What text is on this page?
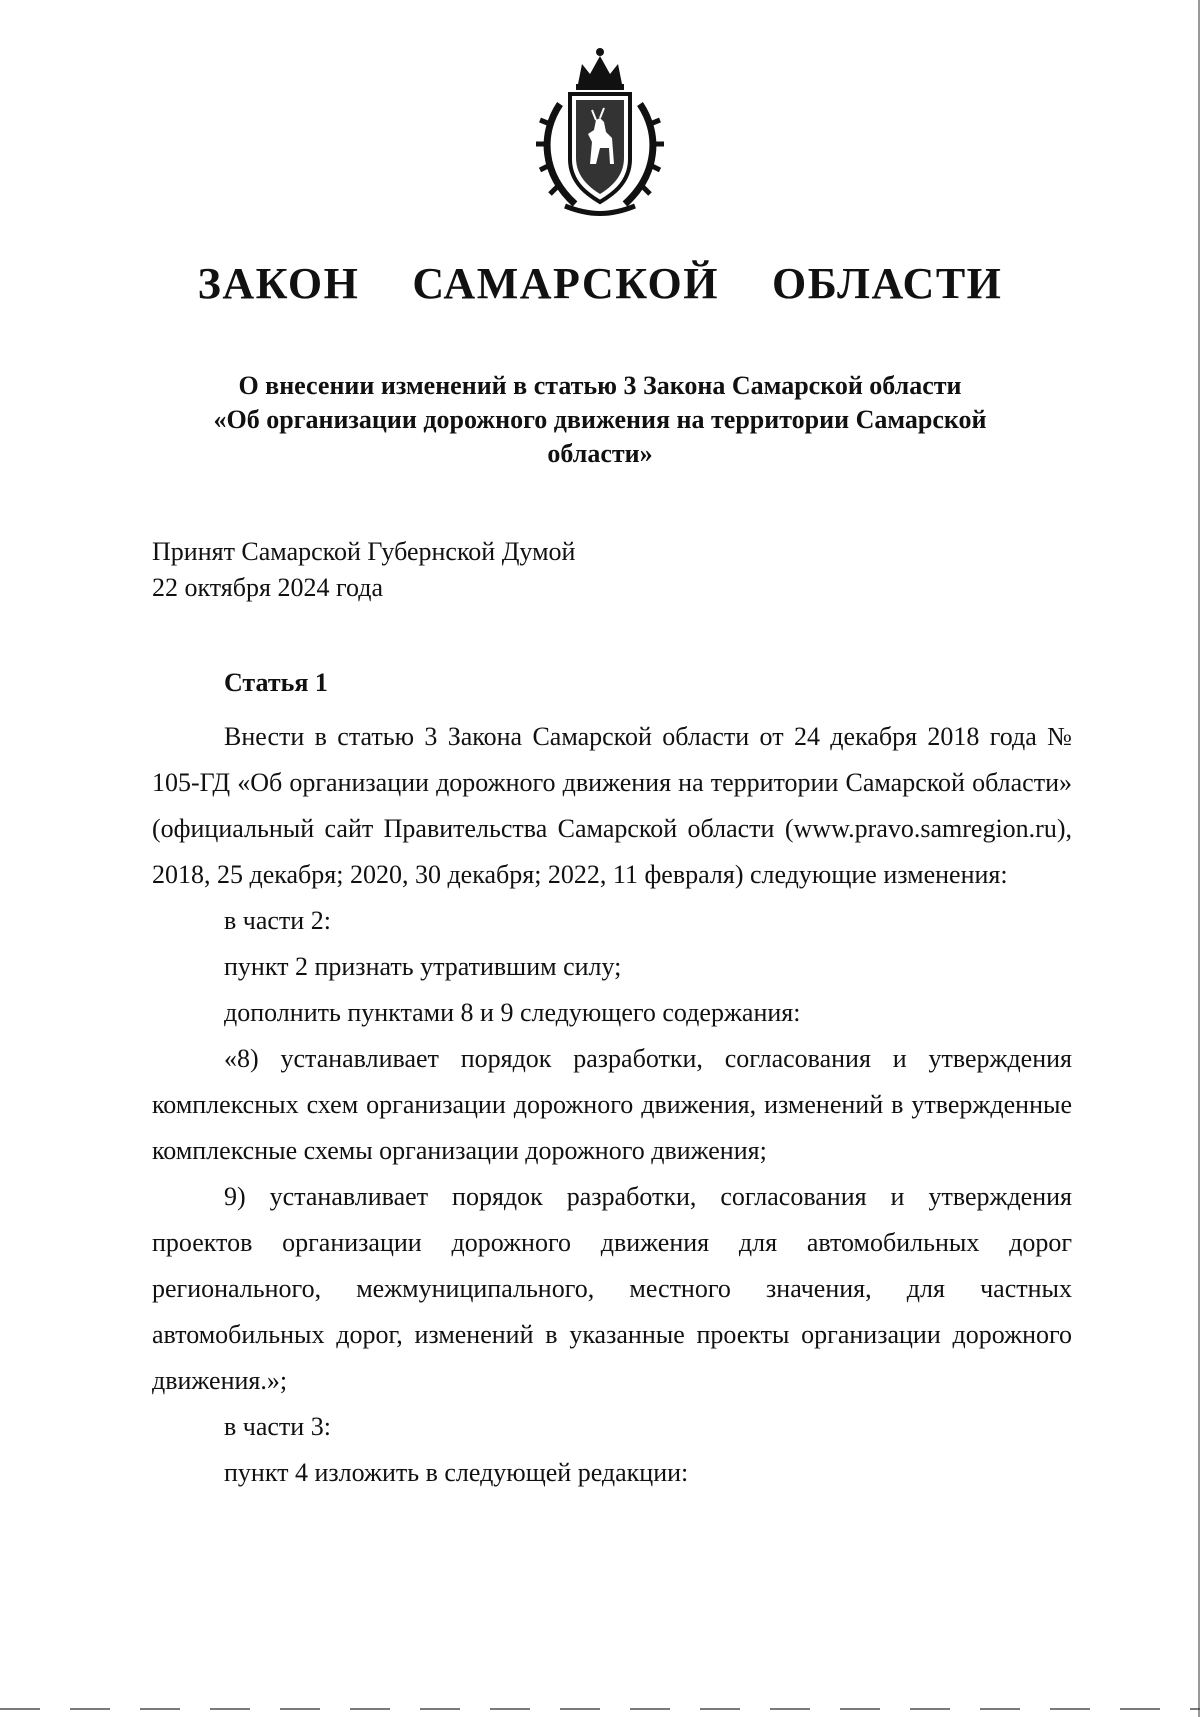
ЗАКОН  САМАРСКОЙ  ОБЛАСТИ
О внесении изменений в статью 3 Закона Самарской области
«Об организации дорожного движения на территории Самарской
области»
Принят Самарской Губернской Думой
22 октября 2024 года
Статья 1

Внести в статью 3 Закона Самарской области от 24 декабря 2018 года № 105-ГД «Об организации дорожного движения на территории Самарской области» (официальный сайт Правительства Самарской области (www.pravo.samregion.ru), 2018, 25 декабря; 2020, 30 декабря; 2022, 11 февраля) следующие изменения:

в части 2:

пункт 2 признать утратившим силу;

дополнить пунктами 8 и 9 следующего содержания:

«8) устанавливает порядок разработки, согласования и утверждения комплексных схем организации дорожного движения, изменений в утвержденные комплексные схемы организации дорожного движения;

9) устанавливает порядок разработки, согласования и утверждения проектов организации дорожного движения для автомобильных дорог регионального, межмуниципального, местного значения, для частных автомобильных дорог, изменений в указанные проекты организации дорожного движения.»;

в части 3:

пункт 4 изложить в следующей редакции:
